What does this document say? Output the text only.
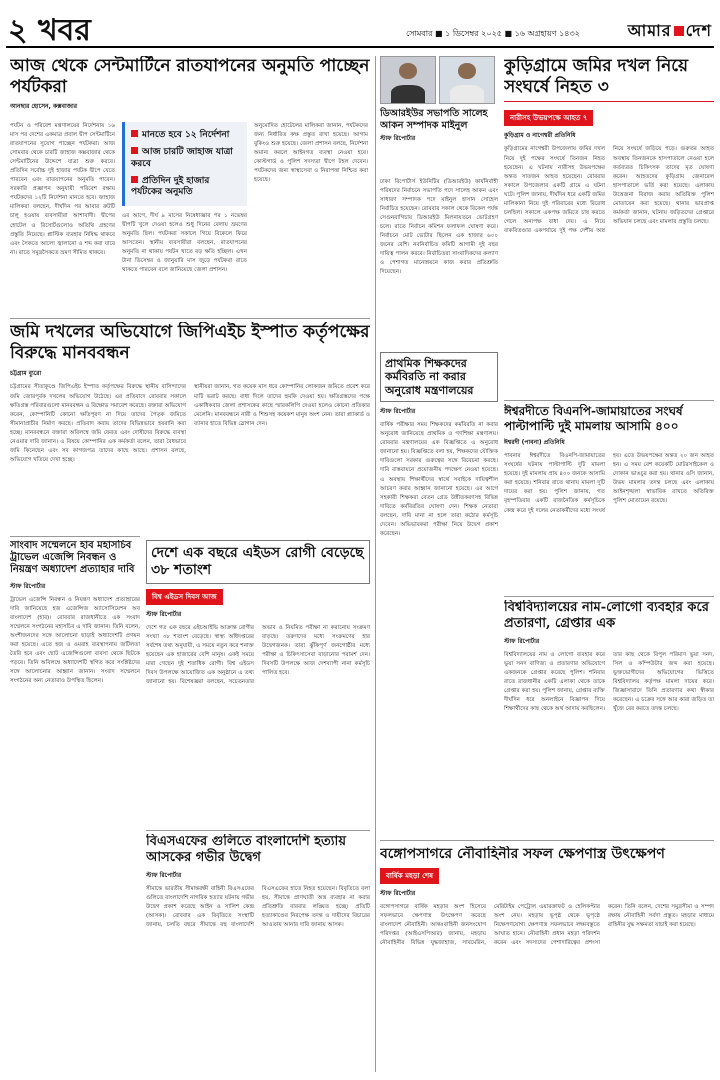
২ খবর	সোমবার ■ ১ ডিসেম্বর ২০২৫ ■ ১৬ অগ্রহায়ণ ১৪৩২	আমার দেশ
আজ থেকে সেন্টমার্টিনে রাতযাপনের অনুমতি পাচ্ছেন পর্যটকরা
আনছার হোসেন, কক্সবাজার
পর্যটন ও পরিবেশ মন্ত্রণালয়ের নির্দেশনায় ১৬ মাস পর দেশের একমাত্র প্রবাল দ্বীপ সেন্টমার্টিনে রাতযাপনের সুযোগ পাচ্ছেন পর্যটকরা। আজ সোমবার থেকে চারটি জাহাজ কক্সবাজার থেকে সেন্টমার্টিনের উদ্দেশে যাত্রা শুরু করবে। প্রতিদিন সর্বোচ্চ দুই হাজার পর্যটক দ্বীপে যেতে পারবেন এবং রাতযাপনের অনুমতি পাবেন। সরকারি প্রজ্ঞাপন অনুযায়ী পরিবেশ রক্ষায় পর্যটকদের ১২টি নির্দেশনা মানতে হবে। জাহাজ মালিকরা বলছেন, দীর্ঘদিন পর আবার রুটটি চালু হওয়ায় ব্যবসায়ীরা আশাবাদী। দ্বীপের হোটেল ও রিসোর্টগুলোও অতিথি গ্রহণের প্রস্তুতি নিয়েছে। প্লাস্টিক ব্যবহার নিষিদ্ধ থাকবে এবং সৈকতে আলো জ্বালানো ও শব্দ করা যাবে না। রাতে সমুদ্রসৈকতে ভ্রমণ সীমিত থাকবে।
মানতে হবে ১২ নির্দেশনা
আজ চারটি জাহাজ যাত্রা করবে
প্রতিদিন দুই হাজার পর্যটকের অনুমতি
এর আগে, দীর্ঘ ৯ মাসের নিষেধাজ্ঞার পর ১ নভেম্বর দ্বীপটি খুলে দেওয়া হলেও শুধু দিনের বেলায় ভ্রমণের অনুমতি ছিল। পর্যটকরা সকালে গিয়ে বিকেলে ফিরে আসতেন। স্থানীয় ব্যবসায়ীরা বলছেন, রাতযাপনের অনুমতি না থাকায় পর্যটন খাতে বড় ক্ষতি হচ্ছিল। এখন টানা ডিসেম্বর ও জানুয়ারি মাস জুড়ে পর্যটকরা রাতে থাকতে পারবেন বলে জানিয়েছে জেলা প্রশাসন।
অনুমোদিত হোটেলের মালিকরা জানান, পর্যটকদের জন্য নির্ধারিত কক্ষ প্রস্তুত রাখা হয়েছে। আগাম বুকিংও শুরু হয়েছে। জেলা প্রশাসন বলছে, নির্দেশনা অমান্য করলে আইনগত ব্যবস্থা নেওয়া হবে। কোস্টগার্ড ও পুলিশ সদস্যরা দ্বীপে টহল দেবেন। পর্যটকদের জন্য স্বাস্থ্যসেবা ও নিরাপত্তা নিশ্চিত করা হয়েছে।
ডিআরইউর সভাপতি সালেহ আকন সম্পাদক মাইনুল
স্টাফ রিপোর্টার
কুড়িগ্রামে জমির দখল নিয়ে সংঘর্ষে নিহত ৩
নারীসহ উভয়পক্ষে আহত ৭
কুড়িগ্রাম ও নাগেশ্বরী প্রতিনিধি
কুড়িগ্রামের নাগেশ্বরী উপজেলায় জমির দখল নিয়ে দুই পক্ষের সংঘর্ষে তিনজন নিহত হয়েছেন। এ ঘটনায় নারীসহ উভয়পক্ষের অন্তত সাতজন আহত হয়েছেন। রোববার সকালে উপজেলার একটি গ্রামে এ ঘটনা ঘটে। পুলিশ জানায়, দীর্ঘদিন ধরে একটি জমির মালিকানা নিয়ে দুই পরিবারের মধ্যে বিরোধ চলছিল। সকালে একপক্ষ জমিতে চাষ করতে গেলে অন্যপক্ষ বাধা দেয়। এ নিয়ে বাকবিতণ্ডার একপর্যায়ে দুই পক্ষ দেশীয় অস্ত্র নিয়ে সংঘর্ষে জড়িয়ে পড়ে। গুরুতর আহত অবস্থায় তিনজনকে হাসপাতালে নেওয়া হলে কর্তব্যরত চিকিৎসক তাদের মৃত ঘোষণা করেন। আহতদের কুড়িগ্রাম জেনারেল হাসপাতালে ভর্তি করা হয়েছে। এলাকায় উত্তেজনা বিরাজ করায় অতিরিক্ত পুলিশ মোতায়েন করা হয়েছে। থানার ভারপ্রাপ্ত কর্মকর্তা জানান, ঘটনায় জড়িতদের গ্রেপ্তারে অভিযান চলছে এবং মামলার প্রস্তুতি চলছে।
ঢাকা রিপোর্টার্স ইউনিটির (ডিআরইউ) কার্যনির্বাহী পরিষদের নির্বাচনে সভাপতি পদে সালেহ আকন এবং সাধারণ সম্পাদক পদে মাইনুল হাসান সোহেল নির্বাচিত হয়েছেন। রোববার সকাল থেকে বিকেল পর্যন্ত সেগুনবাগিচায় ডিআরইউ মিলনায়তনে ভোটগ্রহণ চলে। রাতে নির্বাচন কমিশন ফলাফল ঘোষণা করে। নির্বাচনে মোট ভোটার ছিলেন এক হাজার ৬০০ জনের বেশি। নবনির্বাচিত কমিটি আগামী দুই বছর দায়িত্ব পালন করবে। নির্বাচিতরা সাংবাদিকদের কল্যাণ ও পেশাগত মানোন্নয়নে কাজ করার প্রতিশ্রুতি দিয়েছেন।
জমি দখলের অভিযোগে জিপিএইচ ইস্পাত কর্তৃপক্ষের বিরুদ্ধে মানববন্ধন
চট্টগ্রাম ব্যুরো
চট্টগ্রামের সীতাকুণ্ডে জিপিএইচ ইস্পাত কর্তৃপক্ষের বিরুদ্ধে স্থানীয় বাসিন্দাদের জমি জোরপূর্বক দখলের অভিযোগ উঠেছে। এর প্রতিবাদে রোববার সকালে ক্ষতিগ্রস্ত পরিবারগুলো মানববন্ধন ও বিক্ষোভ সমাবেশ করেছে। বক্তারা অভিযোগ করেন, কোম্পানিটি কোনো ক্ষতিপূরণ না দিয়ে তাদের পৈতৃক জমিতে সীমানাপ্রাচীর নির্মাণ করছে। প্রতিবাদ করায় তাদের বিভিন্নভাবে হয়রানি করা হচ্ছে। মানববন্ধনে বক্তারা অবিলম্বে জমি ফেরত এবং দোষীদের বিরুদ্ধে ব্যবস্থা নেওয়ার দাবি জানান। এ বিষয়ে কোম্পানির এক কর্মকর্তা বলেন, তারা বৈধভাবে জমি কিনেছেন এবং সব কাগজপত্র তাদের কাছে আছে। প্রশাসন বলছে, অভিযোগ খতিয়ে দেখা হচ্ছে।
স্থানীয়রা জানান, গত কয়েক মাস ধরে কোম্পানির লোকজন জমিতে প্রবেশ করে মাটি ভরাট করছে। বাধা দিলে তাদের হুমকি দেওয়া হয়। ক্ষতিগ্রস্তদের পক্ষে একাধিকবার জেলা প্রশাসকের কাছে স্মারকলিপি দেওয়া হলেও কোনো প্রতিকার মেলেনি। মানববন্ধনে নারী ও শিশুসহ কয়েকশ মানুষ অংশ নেন। তারা প্ল্যাকার্ড ও ব্যানার হাতে বিভিন্ন স্লোগান দেন।
প্রাথমিক শিক্ষকদের কর্মবিরতি না করার অনুরোধ মন্ত্রণালয়ের
স্টাফ রিপোর্টার
বার্ষিক পরীক্ষার সময় শিক্ষকদের কর্মবিরতি না করার অনুরোধ জানিয়েছে প্রাথমিক ও গণশিক্ষা মন্ত্রণালয়। রোববার মন্ত্রণালয়ের এক বিজ্ঞপ্তিতে এ অনুরোধ জানানো হয়। বিজ্ঞপ্তিতে বলা হয়, শিক্ষকদের যৌক্তিক দাবিগুলো সরকার গুরুত্বের সঙ্গে বিবেচনা করছে। দাবি বাস্তবায়নে প্রয়োজনীয় পদক্ষেপ নেওয়া হয়েছে। এ অবস্থায় শিক্ষার্থীদের স্বার্থে সবাইকে দায়িত্বশীল আচরণ করার আহ্বান জানানো হয়েছে। এর আগে সহকারী শিক্ষকরা বেতন গ্রেড উন্নীতকরণসহ বিভিন্ন দাবিতে কর্মবিরতির ঘোষণা দেন। শিক্ষক নেতারা বলছেন, দাবি মানা না হলে তারা কঠোর কর্মসূচি দেবেন। অভিভাবকরা পরীক্ষা নিয়ে উদ্বেগ প্রকাশ করেছেন।
ঈশ্বরদীতে বিএনপি-জামায়াতের সংঘর্ষ পাল্টাপাল্টি দুই মামলায় আসামি ৪০০
ঈশ্বরদী (পাবনা) প্রতিনিধি
পাবনার ঈশ্বরদীতে বিএনপি-জামায়াতের সংঘর্ষের ঘটনায় পাল্টাপাল্টি দুটি মামলা হয়েছে। দুই মামলায় প্রায় ৪০০ জনকে আসামি করা হয়েছে। শনিবার রাতে থানায় মামলা দুটি দায়ের করা হয়। পুলিশ জানায়, গত বৃহস্পতিবার একটি রাজনৈতিক কর্মসূচিকে কেন্দ্র করে দুই দলের নেতাকর্মীদের মধ্যে সংঘর্ষ হয়। এতে উভয়পক্ষের অন্তত ২০ জন আহত হন। এ সময় বেশ কয়েকটি মোটরসাইকেল ও দোকান ভাঙচুর করা হয়। থানার ওসি জানান, উভয় মামলার তদন্ত চলছে এবং এলাকায় আইনশৃঙ্খলা স্বাভাবিক রাখতে অতিরিক্ত পুলিশ মোতায়েন রয়েছে।
সাংবাদ সম্মেলনে হাব মহাসচিব ট্রাভেল এজেন্সি নিবন্ধন ও নিয়ন্ত্রণ অধ্যাদেশ প্রত্যাহার দাবি
স্টাফ রিপোর্টার
ট্রাভেল এজেন্সি নিবন্ধন ও নিয়ন্ত্রণ অধ্যাদেশ প্রত্যাহারের দাবি জানিয়েছে হজ এজেন্সিজ অ্যাসোসিয়েশন অব বাংলাদেশ (হাব)। রোববার রাজধানীতে এক সংবাদ সম্মেলনে সংগঠনের মহাসচিব এ দাবি জানান। তিনি বলেন, অংশীজনদের সঙ্গে আলোচনা ছাড়াই অধ্যাদেশটি প্রণয়ন করা হয়েছে। এতে হজ ও ওমরাহ ব্যবস্থাপনায় জটিলতা তৈরি হবে এবং ছোট এজেন্সিগুলো ব্যবসা থেকে ছিটকে পড়বে। তিনি অবিলম্বে অধ্যাদেশটি স্থগিত করে সংশ্লিষ্টদের সঙ্গে আলোচনার আহ্বান জানান। সংবাদ সম্মেলনে সংগঠনের অন্য নেতারাও উপস্থিত ছিলেন।
দেশে এক বছরে এইডস রোগী বেড়েছে ৩৮ শতাংশ
বিশ্ব এইডস দিবস আজ
স্টাফ রিপোর্টার
দেশে গত এক বছরে এইচআইভি আক্রান্ত রোগীর সংখ্যা ৩৮ শতাংশ বেড়েছে। স্বাস্থ্য অধিদপ্তরের সর্বশেষ তথ্য অনুযায়ী, এ সময়ে নতুন করে শনাক্ত হয়েছেন এক হাজারের বেশি মানুষ। একই সময়ে মারা গেছেন দুই শতাধিক রোগী। বিশ্ব এইডস দিবস উপলক্ষে আয়োজিত এক অনুষ্ঠানে এ তথ্য জানানো হয়। বিশেষজ্ঞরা বলছেন, সচেতনতার অভাব ও নিয়মিত পরীক্ষা না করানোয় সংক্রমণ বাড়ছে। তরুণদের মধ্যে সংক্রমণের হার উদ্বেগজনক। তারা ঝুঁকিপূর্ণ জনগোষ্ঠীর মধ্যে পরীক্ষা ও চিকিৎসাসেবা বাড়ানোর পরামর্শ দেন। দিবসটি উপলক্ষে আজ দেশব্যাপী নানা কর্মসূচি পালিত হবে।
বিশ্ববিদ্যালয়ের নাম-লোগো ব্যবহার করে প্রতারণা, গ্রেপ্তার এক
স্টাফ রিপোর্টার
বিশ্ববিদ্যালয়ের নাম ও লোগো ব্যবহার করে ভুয়া সনদ বাণিজ্য ও প্রতারণার অভিযোগে একজনকে গ্রেপ্তার করেছে পুলিশ। শনিবার রাতে রাজধানীর একটি এলাকা থেকে তাকে গ্রেপ্তার করা হয়। পুলিশ জানায়, গ্রেপ্তার ব্যক্তি দীর্ঘদিন ধরে অনলাইনে বিজ্ঞাপন দিয়ে শিক্ষার্থীদের কাছ থেকে অর্থ আদায় করছিলেন। তার কাছ থেকে বিপুল পরিমাণ ভুয়া সনদ, সিল ও কম্পিউটার জব্দ করা হয়েছে। ভুক্তভোগীদের অভিযোগের ভিত্তিতে বিশ্ববিদ্যালয় কর্তৃপক্ষ মামলা দায়ের করে। জিজ্ঞাসাবাদে তিনি প্রতারণার কথা স্বীকার করেছেন। এ চক্রের সঙ্গে আর কারা জড়িত তা খুঁজে বের করতে তদন্ত চলছে।
বিএসএফের গুলিতে বাংলাদেশি হত্যায় আসকের গভীর উদ্বেগ
স্টাফ রিপোর্টার
সীমান্তে ভারতীয় সীমান্তরক্ষী বাহিনী বিএসএফের গুলিতে বাংলাদেশি নাগরিক হত্যার ঘটনায় গভীর উদ্বেগ প্রকাশ করেছে আইন ও সালিশ কেন্দ্র (আসক)। রোববার এক বিবৃতিতে সংস্থাটি জানায়, চলতি বছরে সীমান্তে বহু বাংলাদেশি বিএসএফের হাতে নিহত হয়েছেন। বিবৃতিতে বলা হয়, সীমান্তে প্রাণঘাতী অস্ত্র ব্যবহার না করার প্রতিশ্রুতি বারবার লঙ্ঘিত হচ্ছে। প্রতিটি হত্যাকাণ্ডের নিরপেক্ষ তদন্ত ও দায়ীদের বিচারের আওতায় আনার দাবি জানায় আসক।
বঙ্গোপসাগরে নৌবাহিনীর সফল ক্ষেপণাস্ত্র উৎক্ষেপণ
বার্ষিক মহড়া শেষ
স্টাফ রিপোর্টার
বঙ্গোপসাগরে বার্ষিক মহড়ার অংশ হিসেবে সফলভাবে ক্ষেপণাস্ত্র উৎক্ষেপণ করেছে বাংলাদেশ নৌবাহিনী। আন্তঃবাহিনী জনসংযোগ পরিদপ্তর (আইএসপিআর) জানায়, মহড়ায় নৌবাহিনীর বিভিন্ন যুদ্ধজাহাজ, সাবমেরিন, মেরিটাইম পেট্রোল এয়ারক্রাফট ও হেলিকপ্টার অংশ নেয়। মহড়ায় ভূপৃষ্ঠ থেকে ভূপৃষ্ঠে নিক্ষেপণযোগ্য ক্ষেপণাস্ত্র সফলভাবে লক্ষ্যবস্তুতে আঘাত হানে। নৌবাহিনী প্রধান মহড়া পরিদর্শন করেন এবং সদস্যদের পেশাদারিত্বের প্রশংসা করেন। তিনি বলেন, দেশের সমুদ্রসীমা ও সম্পদ রক্ষায় নৌবাহিনী সর্বদা প্রস্তুত। মহড়ার মাধ্যমে বাহিনীর যুদ্ধ সক্ষমতা যাচাই করা হয়েছে।
